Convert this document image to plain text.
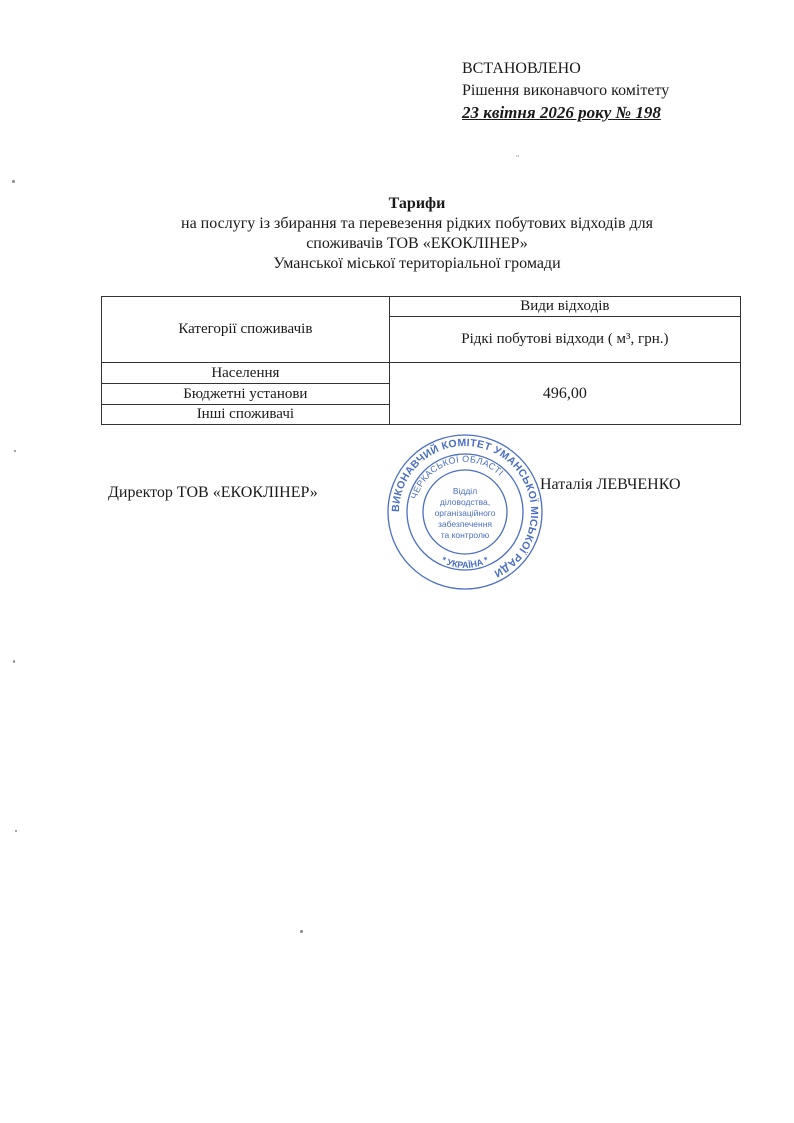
ВСТАНОВЛЕНО
Рішення виконавчого комітету
23 квітня 2026 року № 198
¨
Тарифи
на послугу із збирання та перевезення рідких побутових відходів для
споживачів ТОВ «ЕКОКЛІНЕР»
Уманської міської територіальної громади
Категорії споживачів	Види відходів
	Рідкі побутові відходи ( м³, грн.)
Населення	496,00
Бюджетні установи	
Інші споживачі	
Директор ТОВ «ЕКОКЛІНЕР»	Наталія ЛЕВЧЕНКО
ВИКОНАВЧИЙ КОМІТЕТ УМАНСЬКОЇ МІСЬКОЇ РАДИ
ЧЕРКАСЬКОЇ ОБЛАСТІ
* УКРАЇНА *
Відділ
діловодства,
організаційного
забезпечення
та контролю
